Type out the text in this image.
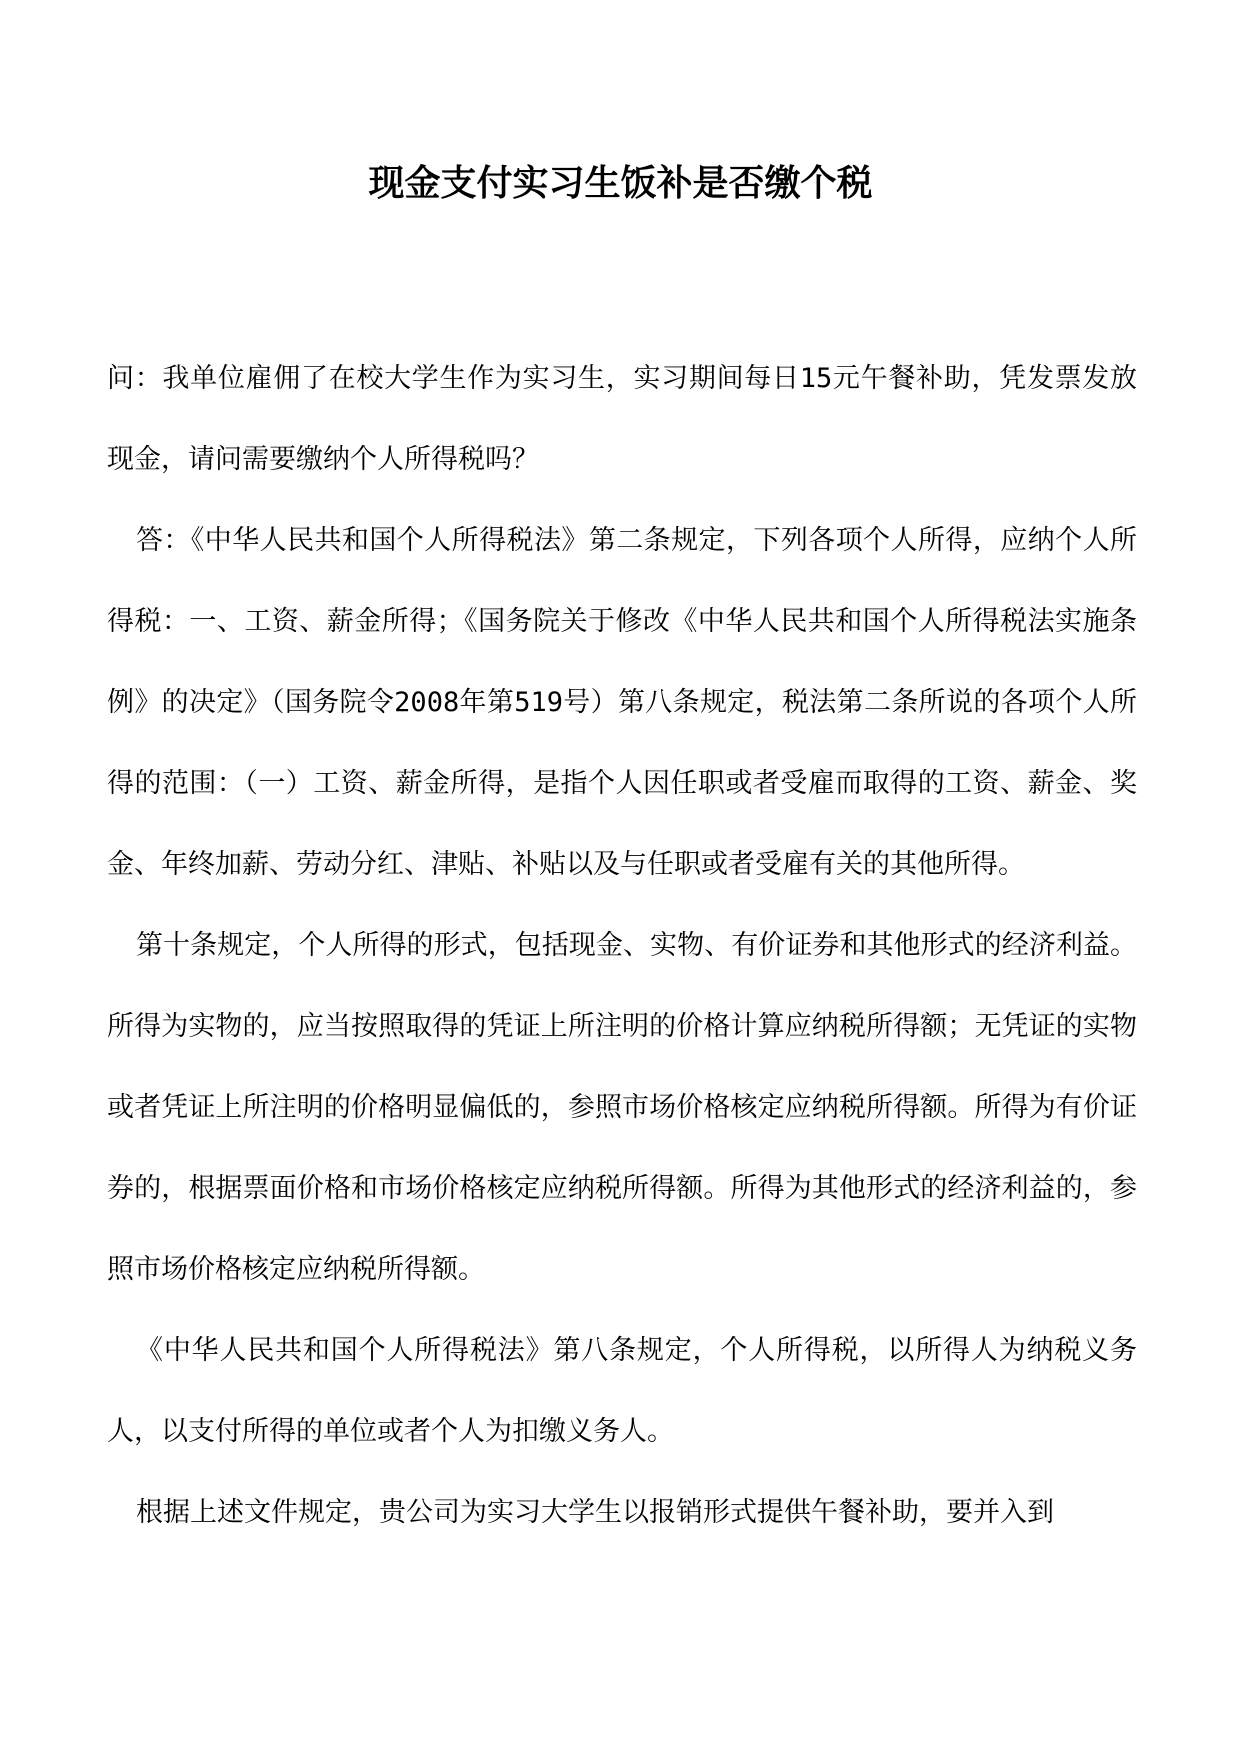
现金支付实习生饭补是否缴个税

问：我单位雇佣了在校大学生作为实习生，实习期间每日15元午餐补助，凭发票发放现金，请问需要缴纳个人所得税吗？

答：《中华人民共和国个人所得税法》第二条规定，下列各项个人所得，应纳个人所得税：一、工资、薪金所得；《国务院关于修改《中华人民共和国个人所得税法实施条例》的决定》（国务院令2008年第519号）第八条规定，税法第二条所说的各项个人所得的范围：（一）工资、薪金所得，是指个人因任职或者受雇而取得的工资、薪金、奖金、年终加薪、劳动分红、津贴、补贴以及与任职或者受雇有关的其他所得。

第十条规定，个人所得的形式，包括现金、实物、有价证券和其他形式的经济利益。所得为实物的，应当按照取得的凭证上所注明的价格计算应纳税所得额；无凭证的实物或者凭证上所注明的价格明显偏低的，参照市场价格核定应纳税所得额。所得为有价证券的，根据票面价格和市场价格核定应纳税所得额。所得为其他形式的经济利益的，参照市场价格核定应纳税所得额。

《中华人民共和国个人所得税法》第八条规定，个人所得税，以所得人为纳税义务人，以支付所得的单位或者个人为扣缴义务人。

根据上述文件规定，贵公司为实习大学生以报销形式提供午餐补助，要并入到
